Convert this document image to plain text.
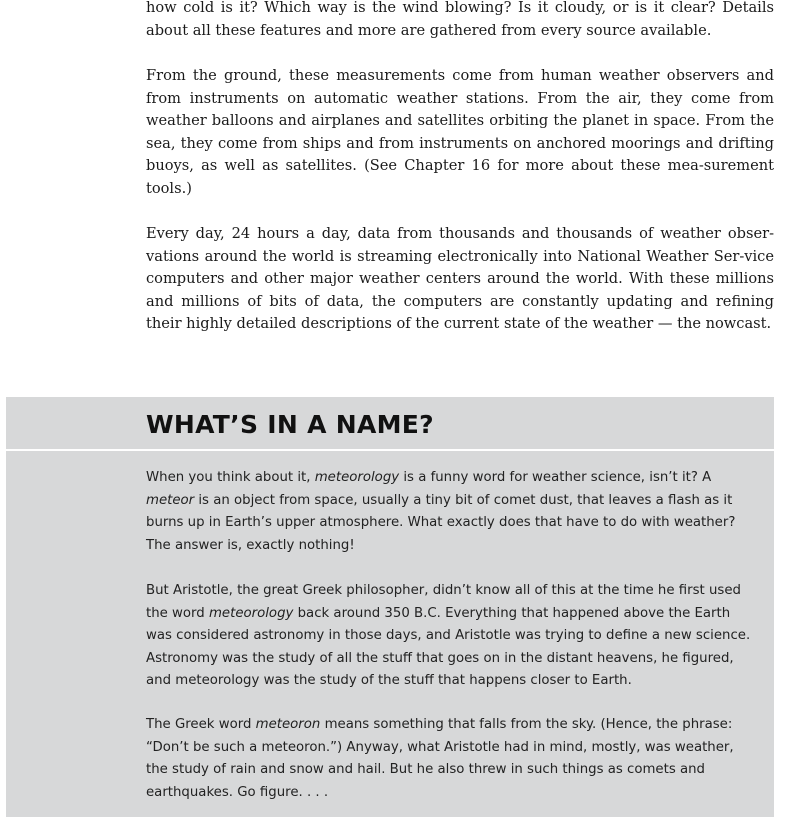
how cold is it? Which way is the wind blowing? Is it cloudy, or is it clear? Details about all these features and more are gathered from every source available.

From the ground, these measurements come from human weather observers and from instruments on automatic weather stations. From the air, they come from weather balloons and airplanes and satellites orbiting the planet in space. From the sea, they come from ships and from instruments on anchored moorings and drifting buoys, as well as satellites. (See Chapter 16 for more about these mea-surement tools.)

Every day, 24 hours a day, data from thousands and thousands of weather obser-vations around the world is streaming electronically into National Weather Ser-vice computers and other major weather centers around the world. With these millions and millions of bits of data, the computers are constantly updating and refining their highly detailed descriptions of the current state of the weather — the nowcast.

WHAT’S IN A NAME?

When you think about it, meteorology is a funny word for weather science, isn’t it? A meteor is an object from space, usually a tiny bit of comet dust, that leaves a flash as it burns up in Earth’s upper atmosphere. What exactly does that have to do with weather? The answer is, exactly nothing!

But Aristotle, the great Greek philosopher, didn’t know all of this at the time he first used the word meteorology back around 350 B.C. Everything that happened above the Earth was considered astronomy in those days, and Aristotle was trying to define a new science. Astronomy was the study of all the stuff that goes on in the distant heavens, he figured, and meteorology was the study of the stuff that happens closer to Earth.

The Greek word meteoron means something that falls from the sky. (Hence, the phrase: “Don’t be such a meteoron.”) Anyway, what Aristotle had in mind, mostly, was weather, the study of rain and snow and hail. But he also threw in such things as comets and earthquakes. Go figure. . . .
